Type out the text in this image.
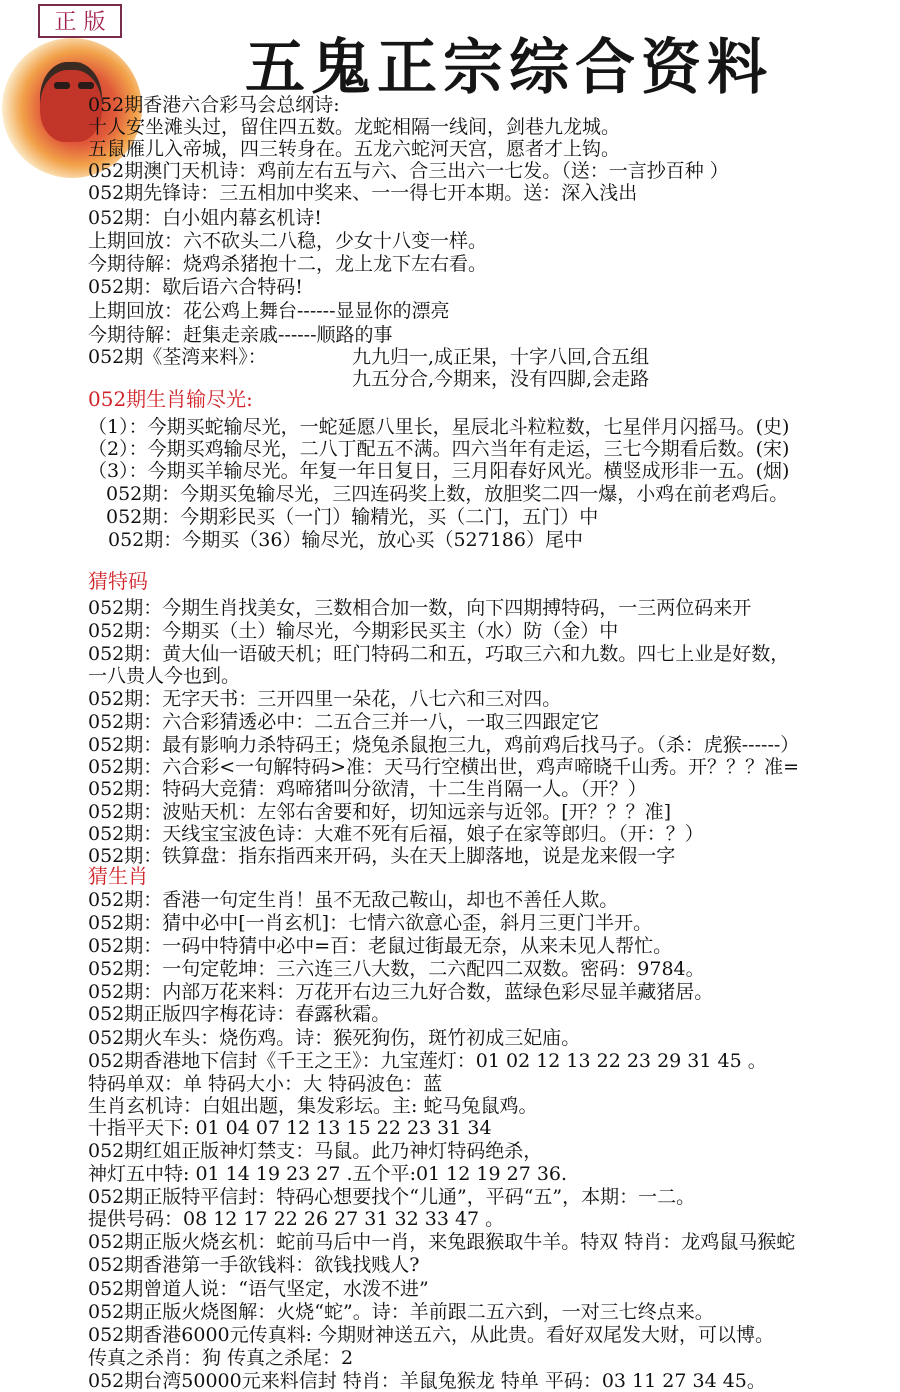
正 版
五鬼正宗综合资料
052期香港六合彩马会总纲诗:
十人安坐滩头过，留住四五数。龙蛇相隔一线间，剑巷九龙城。
五鼠雁儿入帝城，四三转身在。五龙六蛇河天宫，愿者才上钩。
052期澳门天机诗：鸡前左右五与六、合三出六一七发。（送：一言抄百种 ）
052期先锋诗：三五相加中奖来、一一得七开本期。送：深入浅出
052期：白小姐内幕玄机诗!
上期回放：六不砍头二八稳，少女十八变一样。
今期待解：烧鸡杀猪抱十二，龙上龙下左右看。
052期：歇后语六合特码!
上期回放：花公鸡上舞台------显显你的漂亮
今期待解：赶集走亲戚------顺路的事
052期《荃湾来料》：	九九归一,成正果，十字八回,合五组
九五分合,今期来，没有四脚,会走路
052期生肖输尽光:
（1）：今期买蛇输尽光，一蛇延愿八里长，星辰北斗粒粒数，七星伴月闪摇马。(史)
（2）：今期买鸡输尽光，二八丁配五不满。四六当年有走运，三七今期看后数。(宋)
（3）：今期买羊输尽光。年复一年日复日，三月阳春好风光。横竖成形非一五。(烟)
052期：今期买兔输尽光，三四连码奖上数，放胆奖二四一爆，小鸡在前老鸡后。
052期：今期彩民买（一门）输精光，买（二门，五门）中
052期：今期买（36）输尽光，放心买（527186）尾中
猜特码
052期：今期生肖找美女，三数相合加一数，向下四期搏特码，一三两位码来开
052期：今期买（土）输尽光，今期彩民买主（水）防（金）中
052期：黄大仙一语破天机；旺门特码二和五，巧取三六和九数。四七上业是好数，
一八贵人今也到。
052期：无字天书：三开四里一朵花，八七六和三对四。
052期：六合彩猜透必中：二五合三并一八，一取三四跟定它
052期：最有影响力杀特码王；烧兔杀鼠抱三九，鸡前鸡后找马子。（杀：虎猴------）
052期：六合彩<一句解特码>准：天马行空横出世，鸡声啼晓千山秀。开？？？准=
052期：特码大竞猜：鸡啼猪叫分欲清，十二生肖隔一人。（开？）
052期：波贴天机：左邻右舍要和好，切知远亲与近邻。[开？？？准]
052期：天线宝宝波色诗：大难不死有后福，娘子在家等郎归。（开：？）
052期：铁算盘：指东指西来开码，头在天上脚落地，说是龙来假一字
猜生肖
052期：香港一句定生肖！虽不无敌己鞍山，却也不善任人欺。
052期：猜中必中[一肖玄机]：七情六欲意心歪，斜月三更门半开。
052期：一码中特猜中必中=百：老鼠过街最无奈，从来未见人帮忙。
052期：一句定乾坤：三六连三八大数，二六配四二双数。密码：9784。
052期：内部万花来料：万花开右边三九好合数，蓝绿色彩尽显羊藏猪居。
052期正版四字梅花诗：春露秋霜。
052期火车头：烧伤鸡。诗：猴死狗伤，斑竹初成三妃庙。
052期香港地下信封《千王之王》：九宝莲灯：01 02 12 13 22 23 29 31 45 。
特码单双：单 特码大小：大 特码波色：蓝
生肖玄机诗：白姐出题，集发彩坛。主: 蛇马兔鼠鸡。
十指平天下: 01 04 07 12 13 15 22 23 31 34
052期红姐正版神灯禁支：马鼠。此乃神灯特码绝杀，
神灯五中特: 01 14 19 23 27 .五个平:01 12 19 27 36.
052期正版特平信封：特码心想要找个“儿通”，平码“五”，本期：一二。
提供号码：08 12 17 22 26 27 31 32 33 47 。
052期正版火烧玄机：蛇前马后中一肖，来兔跟猴取牛羊。特双 特肖：龙鸡鼠马猴蛇
052期香港第一手欲钱料：欲钱找贱人?
052期曾道人说：“语气坚定，水泼不进”
052期正版火烧图解：火烧“蛇”。诗：羊前跟二五六到，一对三七终点来。
052期香港6000元传真料: 今期财神送五六，从此贵。看好双尾发大财，可以博。
传真之杀肖：狗 传真之杀尾：2
052期台湾50000元来料信封 特肖：羊鼠兔猴龙 特单 平码：03 11 27 34 45。
